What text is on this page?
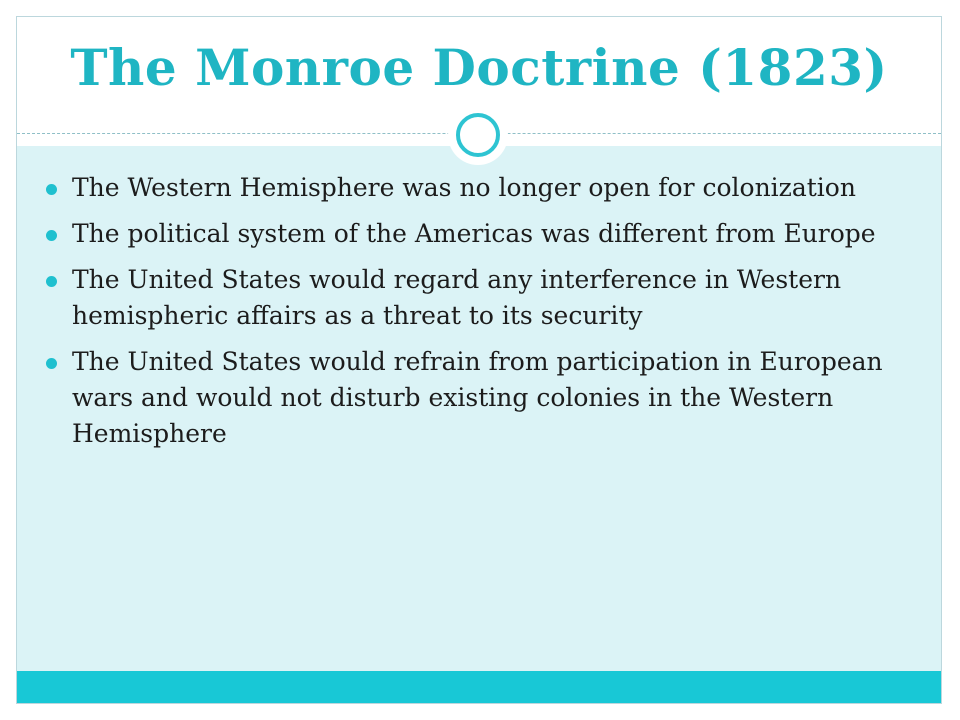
The Monroe Doctrine (1823)
The Western Hemisphere was no longer open for colonization
The political system of the Americas was different from Europe
The United States would regard any interference in Western hemispheric affairs as a threat to its security
The United States would refrain from participation in European wars and would not disturb existing colonies in the Western Hemisphere
